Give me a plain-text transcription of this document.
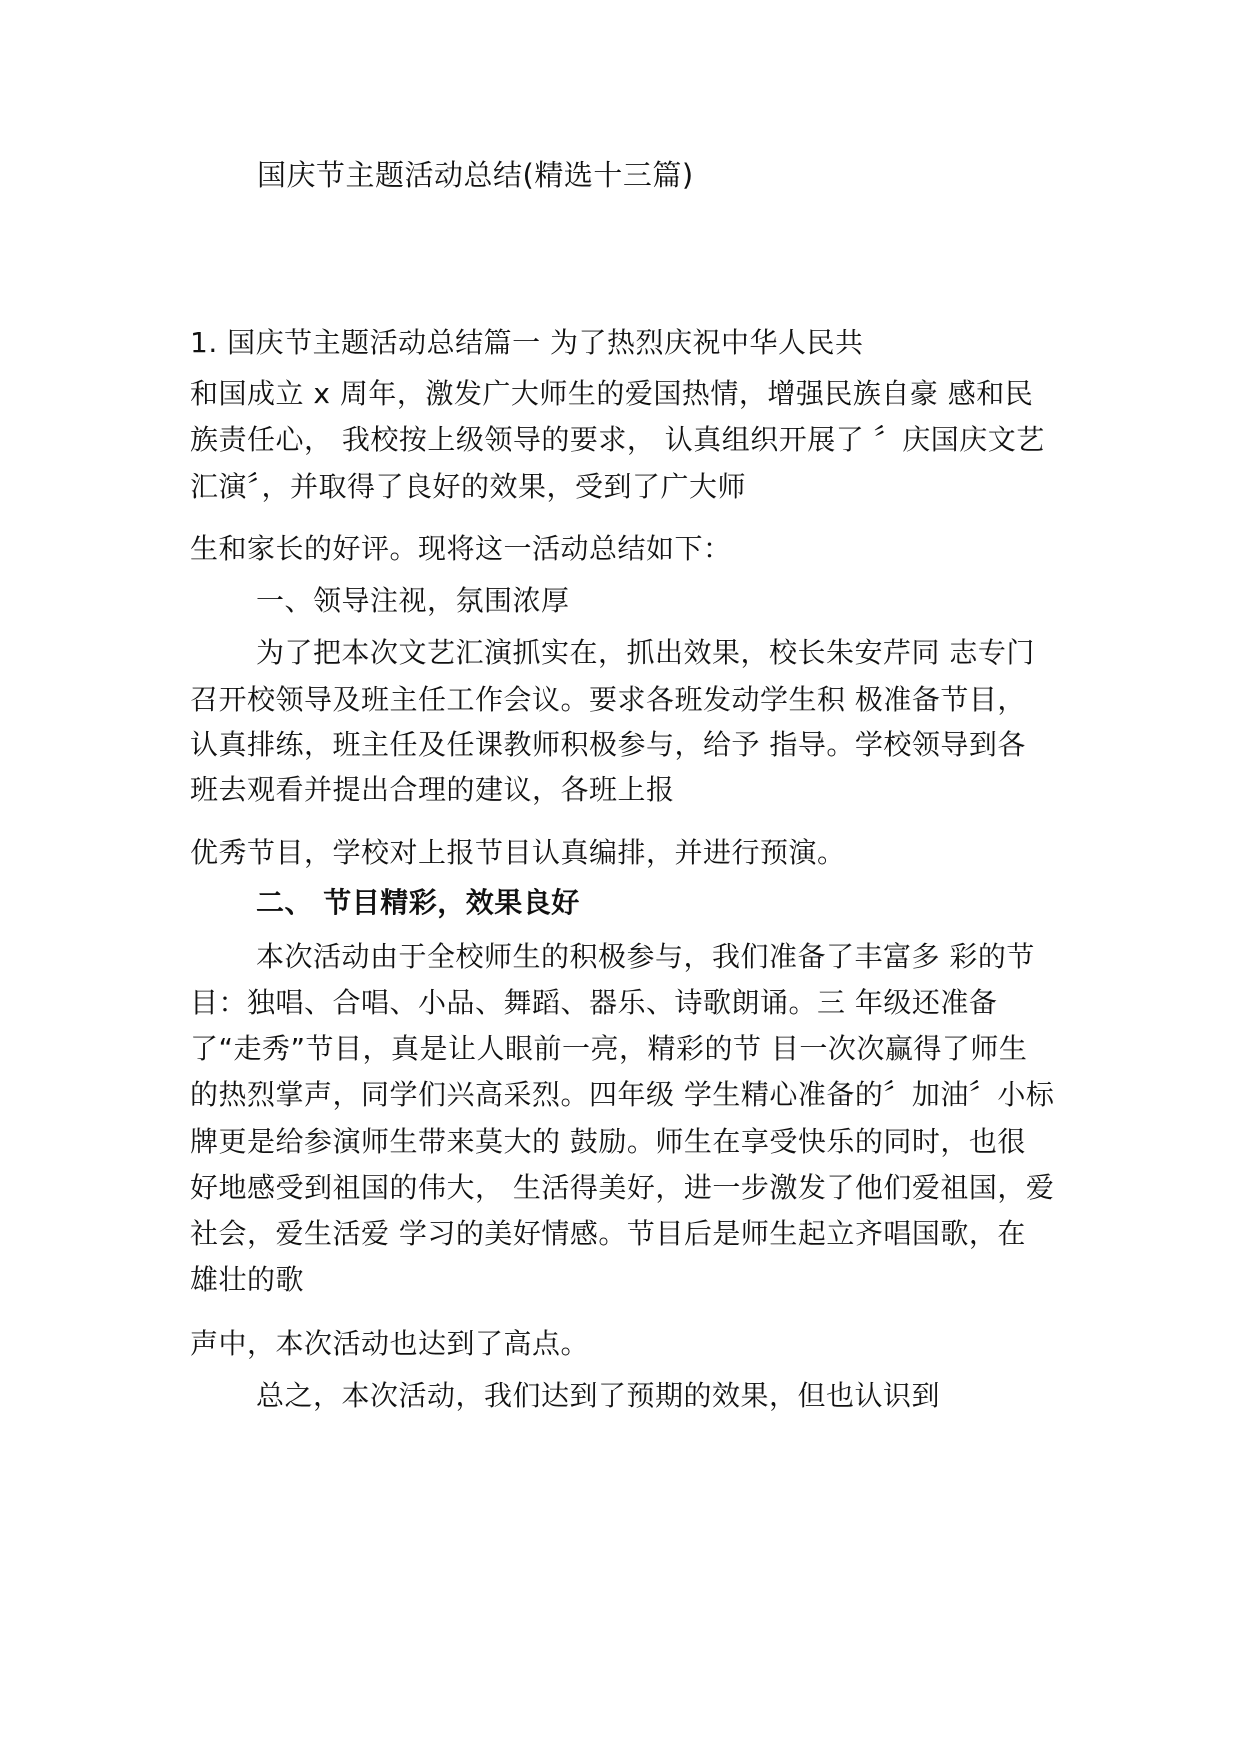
国庆节主题活动总结(精选十三篇)
1. 国庆节主题活动总结篇一 为了热烈庆祝中华人民共
和国成立 x 周年，激发广大师生的爱国热情，增强民族自豪 感和民
族责任心， 我校按上级领导的要求， 认真组织开展了 〞庆国庆文艺
汇演〞，并取得了良好的效果，受到了广大师
生和家长的好评。现将这一活动总结如下：
一、领导注视，氛围浓厚
为了把本次文艺汇演抓实在，抓出效果，校长朱安芹同 志专门
召开校领导及班主任工作会议。要求各班发动学生积 极准备节目，
认真排练，班主任及任课教师积极参与，给予 指导。学校领导到各
班去观看并提出合理的建议，各班上报
优秀节目，学校对上报节目认真编排，并进行预演。
二、 节目精彩，效果良好
本次活动由于全校师生的积极参与，我们准备了丰富多 彩的节
目：独唱、合唱、小品、舞蹈、器乐、诗歌朗诵。三 年级还准备
了“走秀”节目，真是让人眼前一亮，精彩的节 目一次次赢得了师生
的热烈掌声，同学们兴高采烈。四年级 学生精心准备的〞加油〞小标
牌更是给参演师生带来莫大的 鼓励。师生在享受快乐的同时，也很
好地感受到祖国的伟大， 生活得美好，进一步激发了他们爱祖国，爱
社会，爱生活爱 学习的美好情感。节目后是师生起立齐唱国歌，在
雄壮的歌
声中，本次活动也达到了高点。
总之，本次活动，我们达到了预期的效果，但也认识到
